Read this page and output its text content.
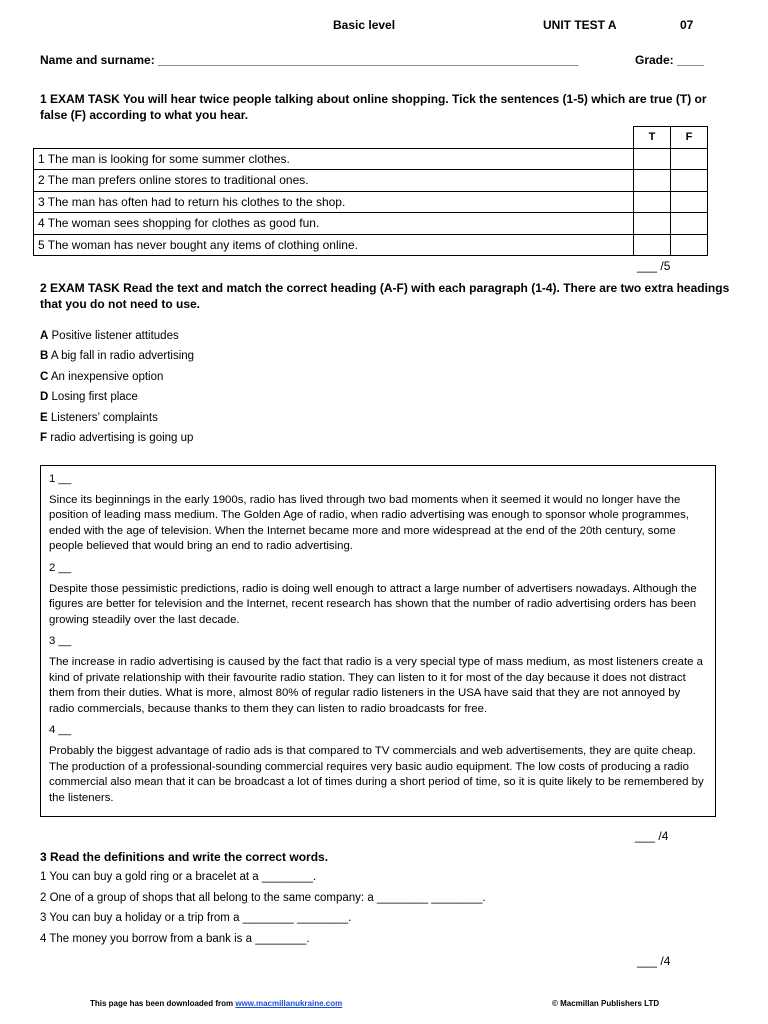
Basic level	UNIT TEST A	07
Name and surname: _______________________________________________________________	Grade: ____
1 EXAM TASK You will hear twice people talking about online shopping. Tick the sentences (1-5) which are true (T) or false (F) according to what you hear.
	T	F
1 The man is looking for some summer clothes.		
2 The man prefers online stores to traditional ones.		
3 The man has often had to return his clothes to the shop.		
4 The woman sees shopping for clothes as good fun.		
5 The woman has never bought any items of clothing online.		
___ /5
2 EXAM TASK Read the text and match the correct heading (A-F) with each paragraph (1-4). There are two extra headings that you do not need to use.
A Positive listener attitudes
B A big fall in radio advertising
C An inexpensive option
D Losing first place
E Listeners’ complaints
F radio advertising is going up
1 __
Since its beginnings in the early 1900s, radio has lived through two bad moments when it seemed it would no longer have the position of leading mass medium. The Golden Age of radio, when radio advertising was enough to sponsor whole programmes, ended with the age of television. When the Internet became more and more widespread at the end of the 20th century, some people believed that would bring an end to radio advertising.
2 __
Despite those pessimistic predictions, radio is doing well enough to attract a large number of advertisers nowadays. Although the figures are better for television and the Internet, recent research has shown that the number of radio advertising orders has been growing steadily over the last decade.
3 __
The increase in radio advertising is caused by the fact that radio is a very special type of mass medium, as most listeners create a kind of private relationship with their favourite radio station. They can listen to it for most of the day because it does not distract them from their duties. What is more, almost 80% of regular radio listeners in the USA have said that they are not annoyed by radio commercials, because thanks to them they can listen to radio broadcasts for free.
4 __
Probably the biggest advantage of radio ads is that compared to TV commercials and web advertisements, they are quite cheap. The production of a professional-sounding commercial requires very basic audio equipment. The low costs of producing a radio commercial also mean that it can be broadcast a lot of times during a short period of time, so it is quite likely to be remembered by the listeners.
___ /4
3 Read the definitions and write the correct words.
1 You can buy a gold ring or a bracelet at a ________.
2 One of a group of shops that all belong to the same company: a ________ ________.
3 You can buy a holiday or a trip from a ________ ________.
4 The money you borrow from a bank is a ________.
___ /4
This page has been downloaded from www.macmillanukraine.com	© Macmillan Publishers LTD
